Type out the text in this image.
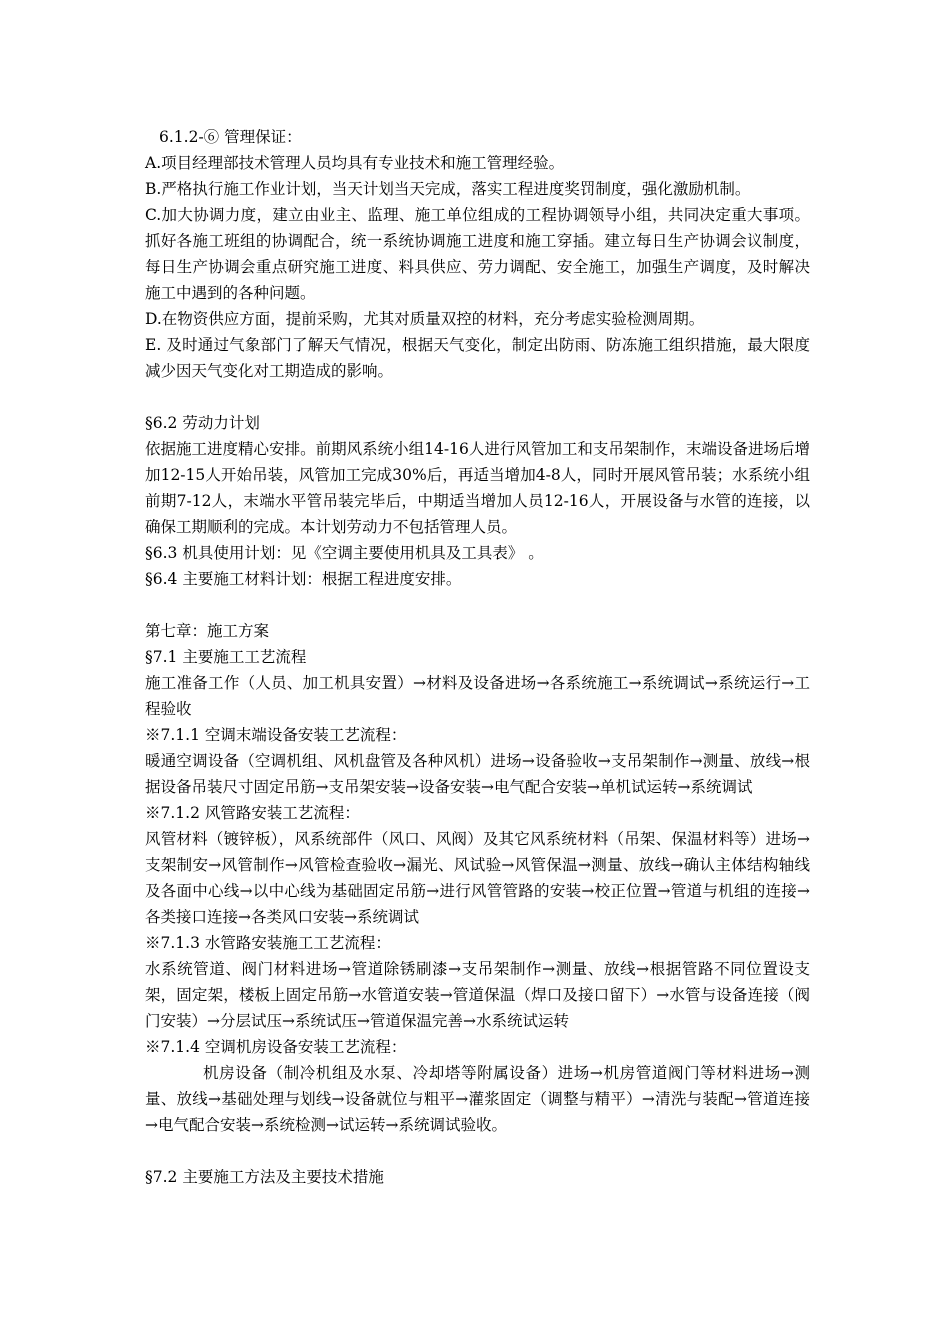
6.1.2-⑥ 管理保证：

A.项目经理部技术管理人员均具有专业技术和施工管理经验。

B.严格执行施工作业计划，当天计划当天完成，落实工程进度奖罚制度，强化激励机制。

C.加大协调力度，建立由业主、监理、施工单位组成的工程协调领导小组，共同决定重大事项。抓好各施工班组的协调配合，统一系统协调施工进度和施工穿插。建立每日生产协调会议制度，每日生产协调会重点研究施工进度、料具供应、劳力调配、安全施工，加强生产调度，及时解决施工中遇到的各种问题。

D.在物资供应方面，提前采购，尤其对质量双控的材料，充分考虑实验检测周期。

E. 及时通过气象部门了解天气情况，根据天气变化，制定出防雨、防冻施工组织措施，最大限度减少因天气变化对工期造成的影响。

§6.2 劳动力计划

依据施工进度精心安排。前期风系统小组14-16人进行风管加工和支吊架制作，末端设备进场后增加12-15人开始吊装，风管加工完成30%后，再适当增加4-8人，同时开展风管吊装；水系统小组前期7-12人，末端水平管吊装完毕后，中期适当增加人员12-16人，开展设备与水管的连接，以确保工期顺利的完成。本计划劳动力不包括管理人员。

§6.3 机具使用计划：见《空调主要使用机具及工具表》 。

§6.4 主要施工材料计划：根据工程进度安排。

第七章：施工方案

§7.1 主要施工工艺流程

施工准备工作（人员、加工机具安置）→材料及设备进场→各系统施工→系统调试→系统运行→工程验收

※7.1.1 空调末端设备安装工艺流程：

暖通空调设备（空调机组、风机盘管及各种风机）进场→设备验收→支吊架制作→测量、放线→根据设备吊装尺寸固定吊筋→支吊架安装→设备安装→电气配合安装→单机试运转→系统调试

※7.1.2 风管路安装工艺流程：

风管材料（镀锌板），风系统部件（风口、风阀）及其它风系统材料（吊架、保温材料等）进场→支架制安→风管制作→风管检查验收→漏光、风试验→风管保温→测量、放线→确认主体结构轴线及各面中心线→以中心线为基础固定吊筋→进行风管管路的安装→校正位置→管道与机组的连接→各类接口连接→各类风口安装→系统调试

※7.1.3 水管路安装施工工艺流程：

水系统管道、阀门材料进场→管道除锈刷漆→支吊架制作→测量、放线→根据管路不同位置设支架，固定架，楼板上固定吊筋→水管道安装→管道保温（焊口及接口留下）→水管与设备连接（阀门安装）→分层试压→系统试压→管道保温完善→水系统试运转

※7.1.4 空调机房设备安装工艺流程：

机房设备（制冷机组及水泵、冷却塔等附属设备）进场→机房管道阀门等材料进场→测量、放线→基础处理与划线→设备就位与粗平→灌浆固定（调整与精平）→清洗与装配→管道连接→电气配合安装→系统检测→试运转→系统调试验收。

§7.2 主要施工方法及主要技术措施
